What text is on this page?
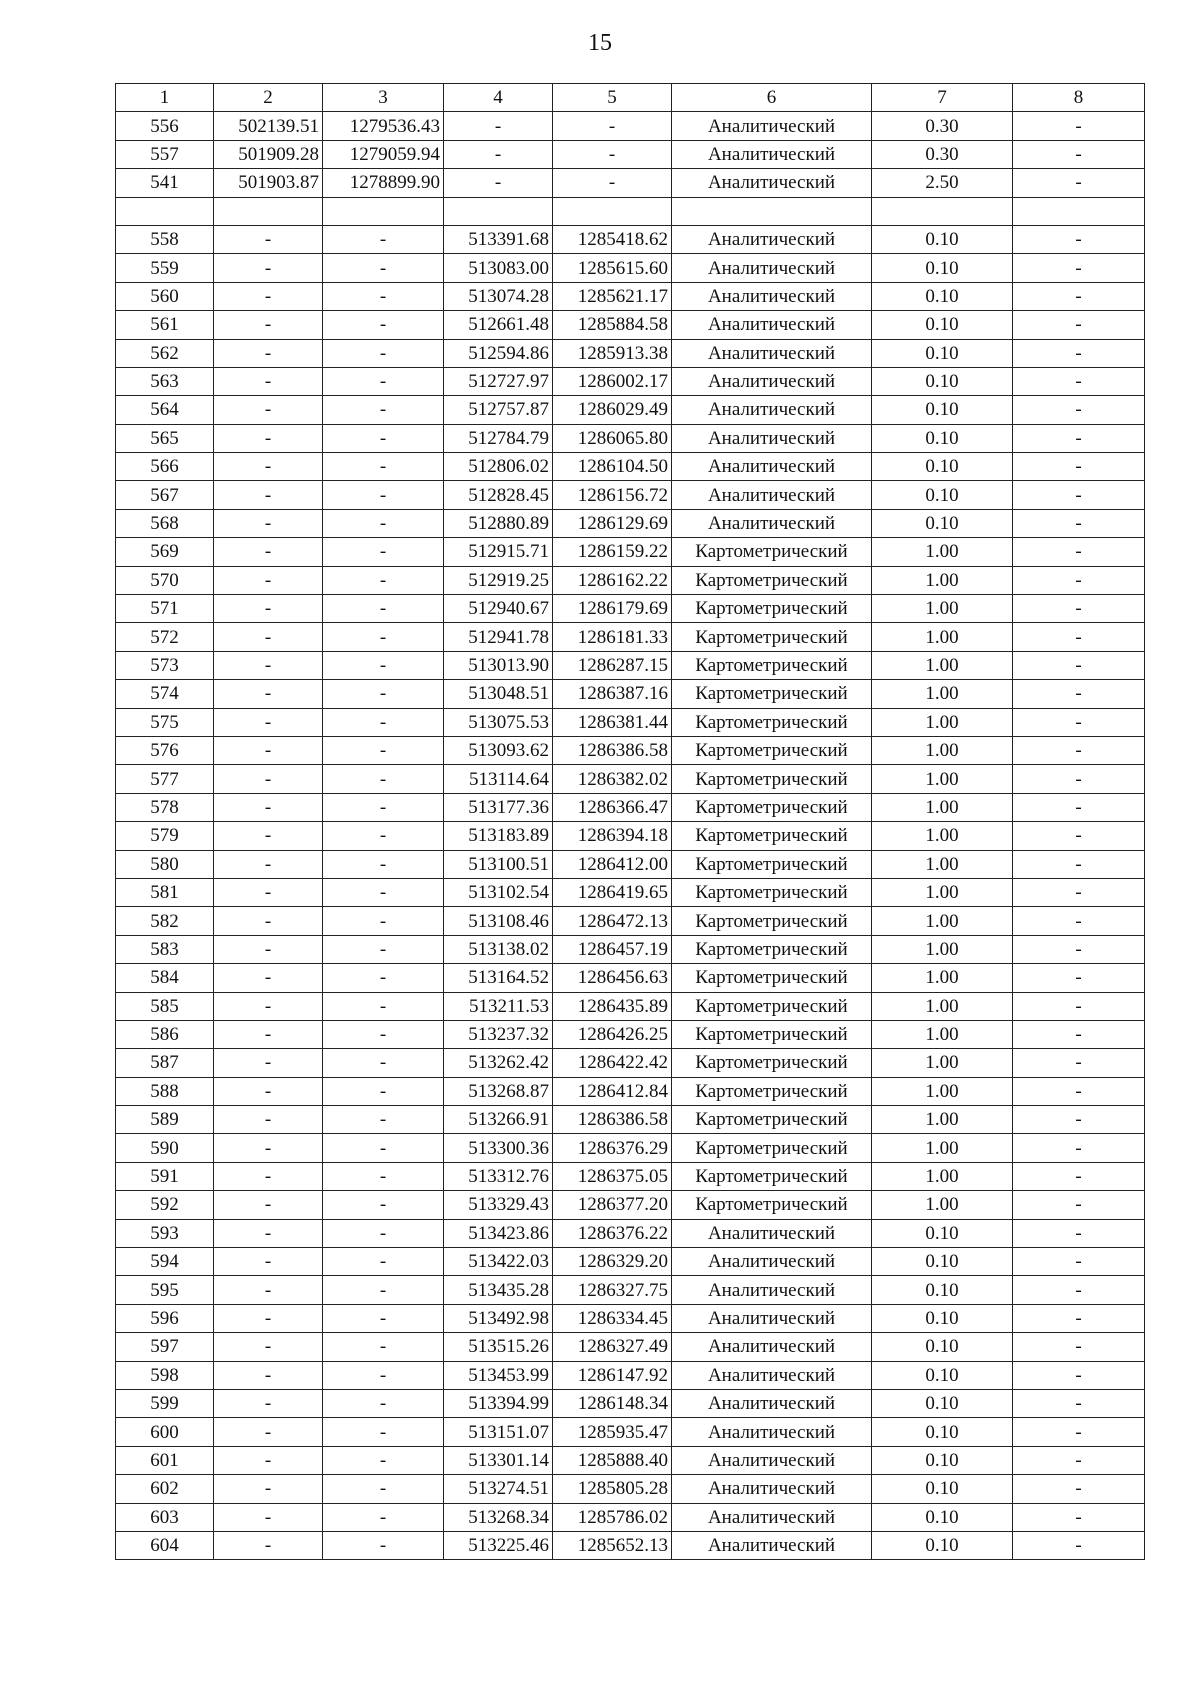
15
1	2	3	4	5	6	7	8
556	502139.51	1279536.43	-	-	Аналитический	0.30	-
557	501909.28	1279059.94	-	-	Аналитический	0.30	-
541	501903.87	1278899.90	-	-	Аналитический	2.50	-

558	-	-	513391.68	1285418.62	Аналитический	0.10	-
559	-	-	513083.00	1285615.60	Аналитический	0.10	-
560	-	-	513074.28	1285621.17	Аналитический	0.10	-
561	-	-	512661.48	1285884.58	Аналитический	0.10	-
562	-	-	512594.86	1285913.38	Аналитический	0.10	-
563	-	-	512727.97	1286002.17	Аналитический	0.10	-
564	-	-	512757.87	1286029.49	Аналитический	0.10	-
565	-	-	512784.79	1286065.80	Аналитический	0.10	-
566	-	-	512806.02	1286104.50	Аналитический	0.10	-
567	-	-	512828.45	1286156.72	Аналитический	0.10	-
568	-	-	512880.89	1286129.69	Аналитический	0.10	-
569	-	-	512915.71	1286159.22	Картометрический	1.00	-
570	-	-	512919.25	1286162.22	Картометрический	1.00	-
571	-	-	512940.67	1286179.69	Картометрический	1.00	-
572	-	-	512941.78	1286181.33	Картометрический	1.00	-
573	-	-	513013.90	1286287.15	Картометрический	1.00	-
574	-	-	513048.51	1286387.16	Картометрический	1.00	-
575	-	-	513075.53	1286381.44	Картометрический	1.00	-
576	-	-	513093.62	1286386.58	Картометрический	1.00	-
577	-	-	513114.64	1286382.02	Картометрический	1.00	-
578	-	-	513177.36	1286366.47	Картометрический	1.00	-
579	-	-	513183.89	1286394.18	Картометрический	1.00	-
580	-	-	513100.51	1286412.00	Картометрический	1.00	-
581	-	-	513102.54	1286419.65	Картометрический	1.00	-
582	-	-	513108.46	1286472.13	Картометрический	1.00	-
583	-	-	513138.02	1286457.19	Картометрический	1.00	-
584	-	-	513164.52	1286456.63	Картометрический	1.00	-
585	-	-	513211.53	1286435.89	Картометрический	1.00	-
586	-	-	513237.32	1286426.25	Картометрический	1.00	-
587	-	-	513262.42	1286422.42	Картометрический	1.00	-
588	-	-	513268.87	1286412.84	Картометрический	1.00	-
589	-	-	513266.91	1286386.58	Картометрический	1.00	-
590	-	-	513300.36	1286376.29	Картометрический	1.00	-
591	-	-	513312.76	1286375.05	Картометрический	1.00	-
592	-	-	513329.43	1286377.20	Картометрический	1.00	-
593	-	-	513423.86	1286376.22	Аналитический	0.10	-
594	-	-	513422.03	1286329.20	Аналитический	0.10	-
595	-	-	513435.28	1286327.75	Аналитический	0.10	-
596	-	-	513492.98	1286334.45	Аналитический	0.10	-
597	-	-	513515.26	1286327.49	Аналитический	0.10	-
598	-	-	513453.99	1286147.92	Аналитический	0.10	-
599	-	-	513394.99	1286148.34	Аналитический	0.10	-
600	-	-	513151.07	1285935.47	Аналитический	0.10	-
601	-	-	513301.14	1285888.40	Аналитический	0.10	-
602	-	-	513274.51	1285805.28	Аналитический	0.10	-
603	-	-	513268.34	1285786.02	Аналитический	0.10	-
604	-	-	513225.46	1285652.13	Аналитический	0.10	-
